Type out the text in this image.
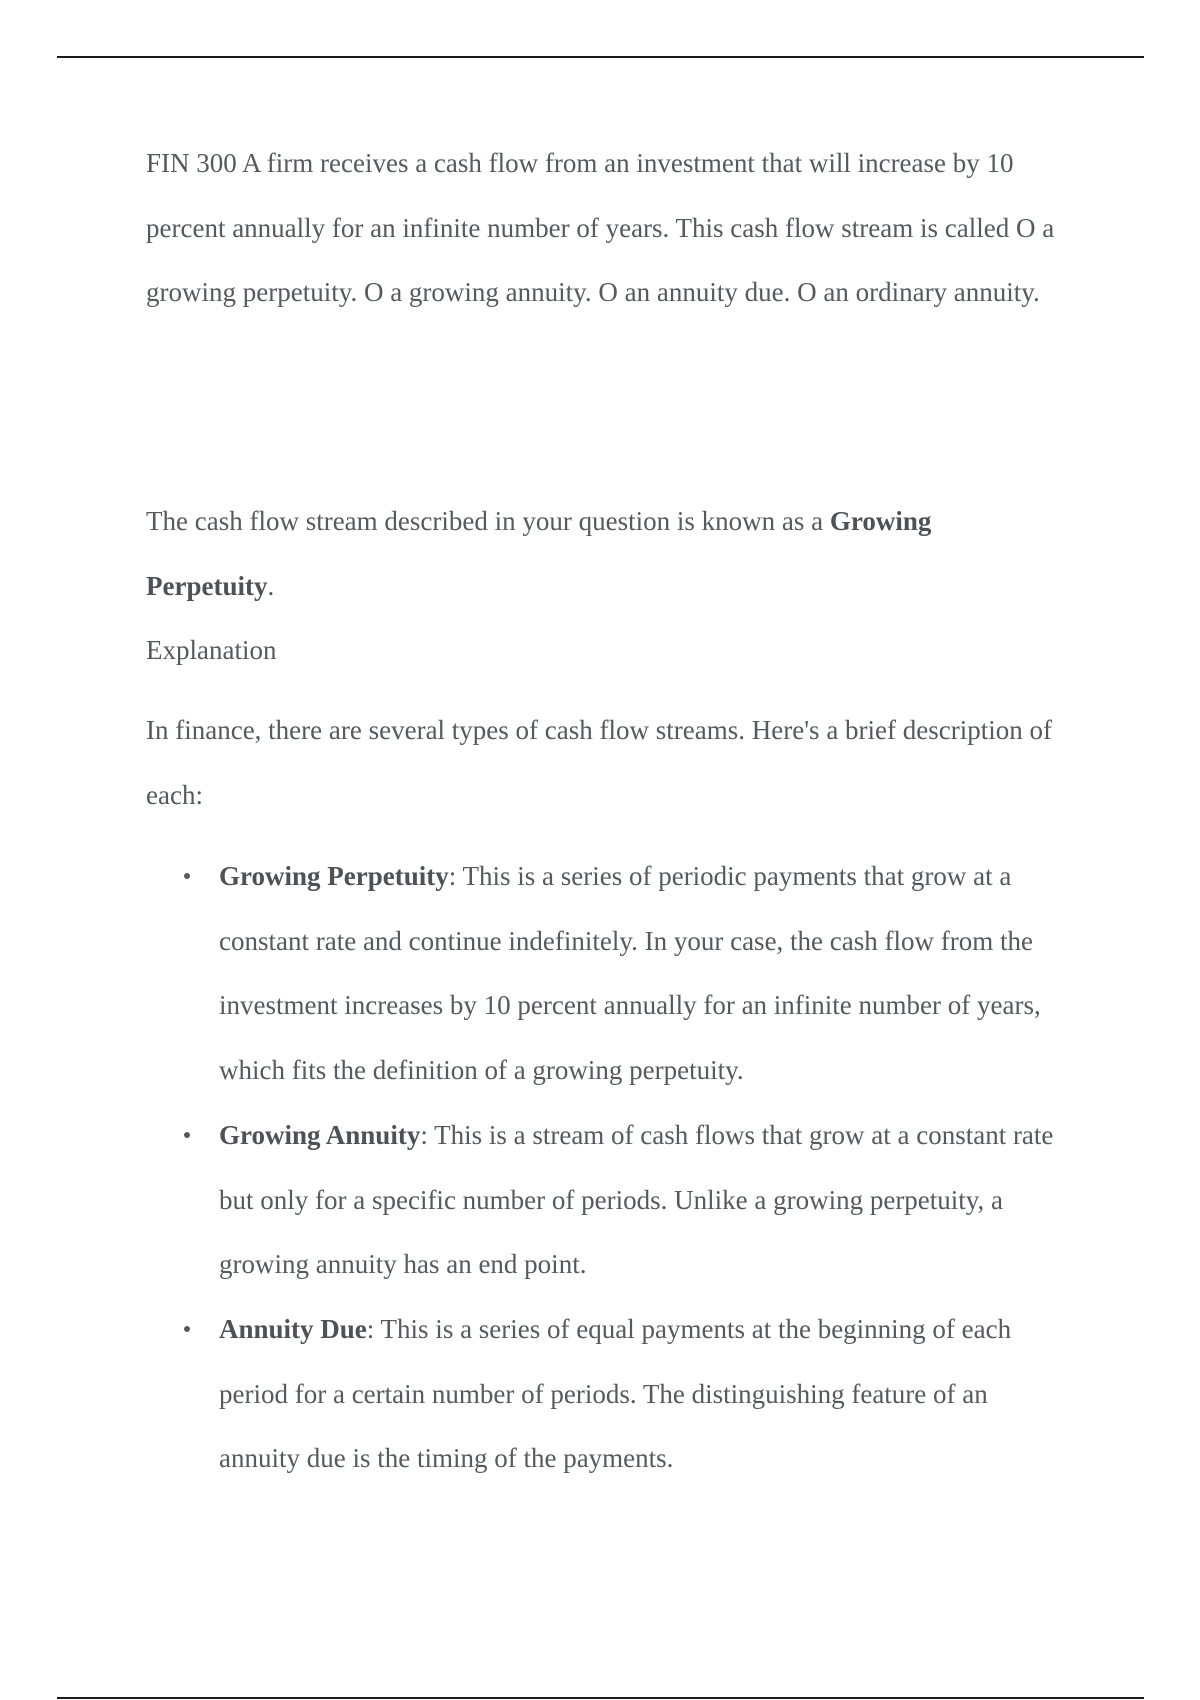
FIN 300 A firm receives a cash flow from an investment that will increase by 10 percent annually for an infinite number of years. This cash flow stream is called O a growing perpetuity. O a growing annuity. O an annuity due. O an ordinary annuity.

The cash flow stream described in your question is known as a Growing Perpetuity.

Explanation

In finance, there are several types of cash flow streams. Here's a brief description of each:

Growing Perpetuity: This is a series of periodic payments that grow at a constant rate and continue indefinitely. In your case, the cash flow from the investment increases by 10 percent annually for an infinite number of years, which fits the definition of a growing perpetuity.
Growing Annuity: This is a stream of cash flows that grow at a constant rate but only for a specific number of periods. Unlike a growing perpetuity, a growing annuity has an end point.
Annuity Due: This is a series of equal payments at the beginning of each period for a certain number of periods. The distinguishing feature of an annuity due is the timing of the payments.
